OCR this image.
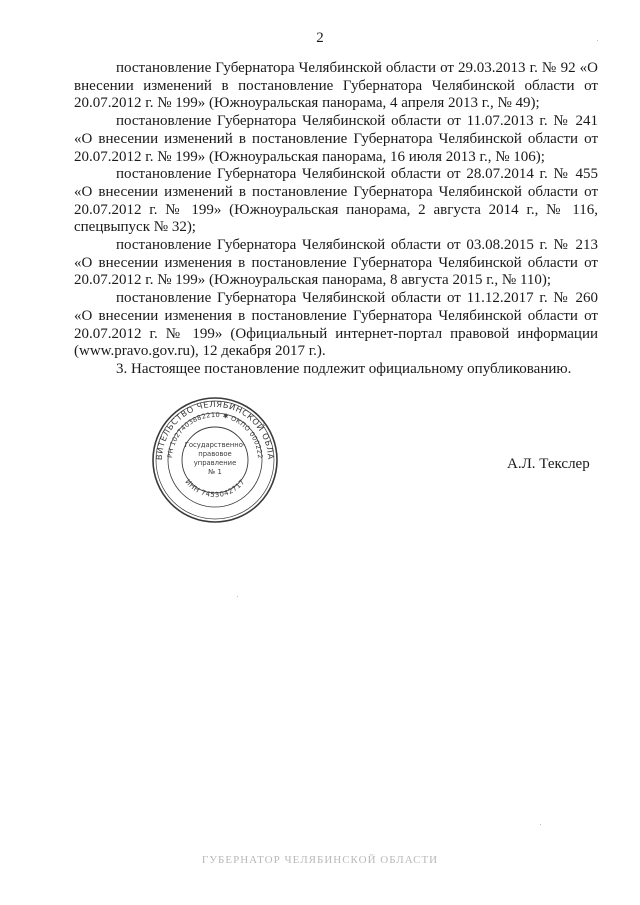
2

постановление Губернатора Челябинской области от 29.03.2013 г. № 92 «О внесении изменений в постановление Губернатора Челябинской области от 20.07.2012 г. № 199» (Южноуральская панорама, 4 апреля 2013 г., № 49);

постановление Губернатора Челябинской области от 11.07.2013 г. № 241 «О внесении изменений в постановление Губернатора Челябинской области от 20.07.2012 г. № 199» (Южноуральская панорама, 16 июля 2013 г., № 106);

постановление Губернатора Челябинской области от 28.07.2014 г. № 455 «О внесении изменений в постановление Губернатора Челябинской области от 20.07.2012 г. № 199» (Южноуральская панорама, 2 августа 2014 г., № 116, спецвыпуск № 32);

постановление Губернатора Челябинской области от 03.08.2015 г. № 213 «О внесении изменения в постановление Губернатора Челябинской области от 20.07.2012 г. № 199» (Южноуральская панорама, 8 августа 2015 г., № 110);

постановление Губернатора Челябинской области от 11.12.2017 г. № 260 «О внесении изменения в постановление Губернатора Челябинской области от 20.07.2012 г. № 199» (Официальный интернет-портал правовой информации (www.pravo.gov.ru), 12 декабря 2017 г.).

3. Настоящее постановление подлежит официальному опубликованию.

ВИТЕЛЬСТВО ЧЕЛЯБИНСКОЙ ОБЛА
РН 1027403882210 ✱ ОКПО 000222
ИНН 7453042717
Государственно-
правовое
управление
№ 1	А.Л. Текслер
ГУБЕРНАТОР ЧЕЛЯБИНСКОЙ ОБЛАСТИ
